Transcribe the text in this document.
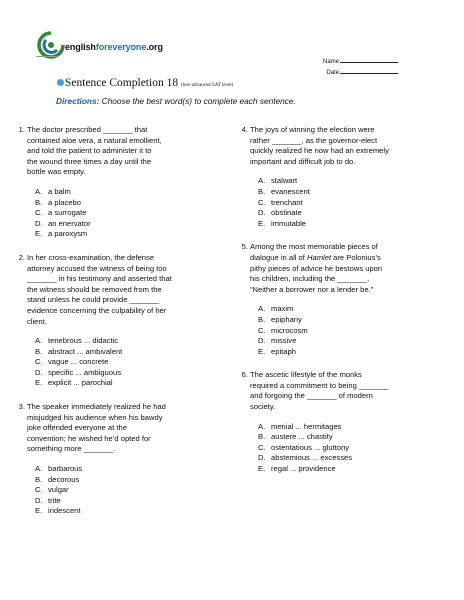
englishforeveryone.org
Name
Date
Sentence Completion 18 (low-advanced SAT level)
Directions: Choose the best word(s) to complete each sentence.
1. The doctor prescribed _______ that
contained aloe vera, a natural emollient,
and told the patient to administer it to
the wound three times a day until the
bottle was empty.
A. a balm
B. a placebo
C. a surrogate
D. an enervator
E. a paroxysm
2. In her cross-examination, the defense
attorney accused the witness of being too
_______ in his testimony and asserted that
the witness should be removed from the
stand unless he could provide _______
evidence concerning the culpability of her
client.
A. tenebrous ... didactic
B. abstract ... ambivalent
C. vague ... concrete
D. specific ... ambiguous
E. explicit ... parochial
3. The speaker immediately realized he had
misjudged his audience when his bawdy
joke offended everyone at the
convention; he wished he’d opted for
something more _______.
A. barbarous
B. decorous
C. vulgar
D. trite
E. iridescent
4. The joys of winning the election were
rather _______, as the governor-elect
quickly realized he now had an extremely
important and difficult job to do.
A. stalwart
B. evanescent
C. trenchant
D. obstinate
E. immutable
5. Among the most memorable pieces of
dialogue in all of Hamlet are Polonius’s
pithy pieces of advice he bestows upon
his children, including the _______,
“Neither a borrower nor a lender be.”
A. maxim
B. epiphany
C. microcosm
D. missive
E. epitaph
6. The ascetic lifestyle of the monks
required a commitment to being _______
and forgoing the _______ of modern
society.
A. menial ... hermitages
B. austere ... chastity
C. ostentatious ... gluttony
D. abstemious ... excesses
E. regal ... providence
